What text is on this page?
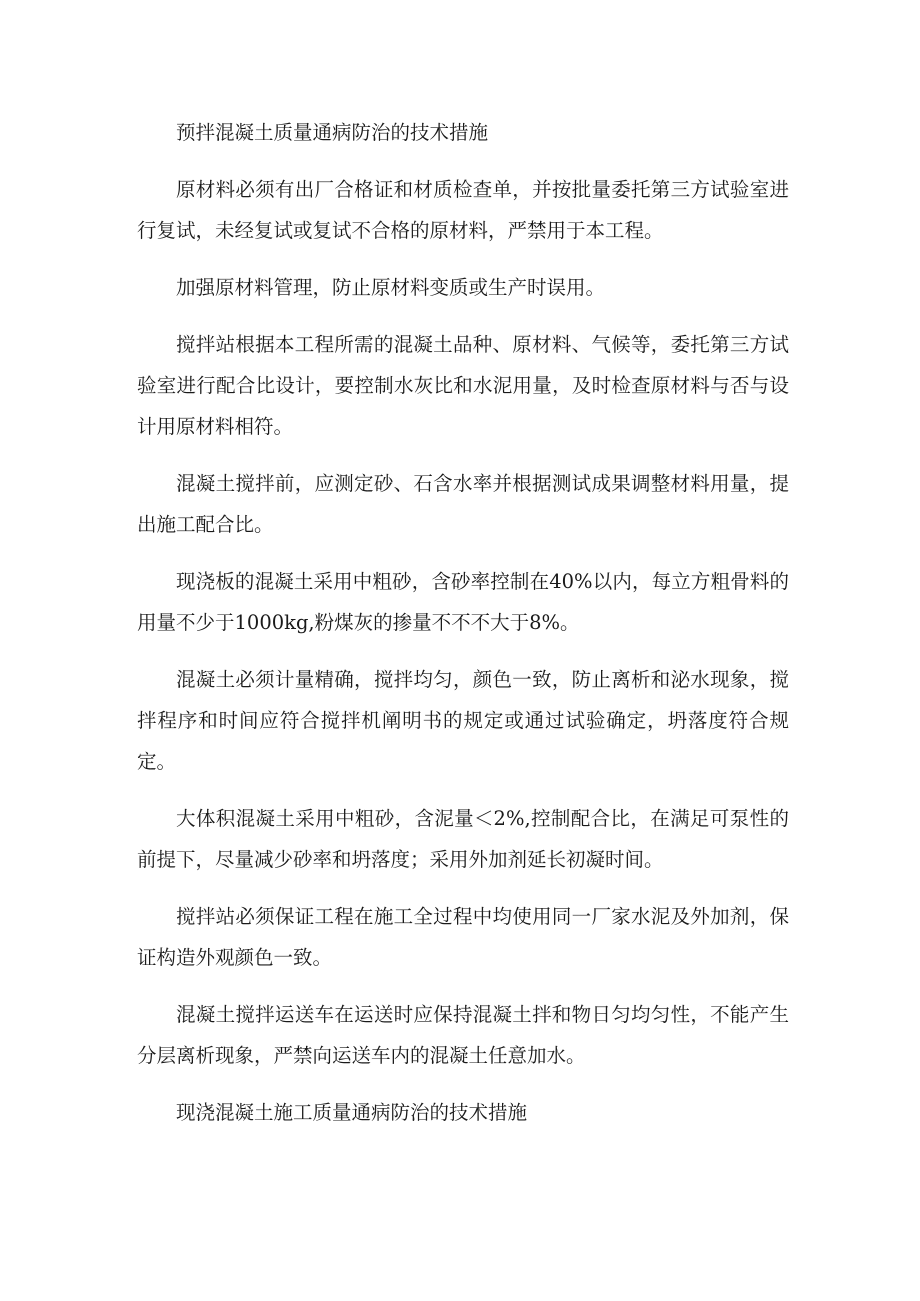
预拌混凝土质量通病防治的技术措施

原材料必须有出厂合格证和材质检查单，并按批量委托第三方试验室进行复试，未经复试或复试不合格的原材料，严禁用于本工程。

加强原材料管理，防止原材料变质或生产时误用。

搅拌站根据本工程所需的混凝土品种、原材料、气候等，委托第三方试验室进行配合比设计，要控制水灰比和水泥用量，及时检查原材料与否与设计用原材料相符。

混凝土搅拌前，应测定砂、石含水率并根据测试成果调整材料用量，提出施工配合比。

现浇板的混凝土采用中粗砂，含砂率控制在40%以内，每立方粗骨料的用量不少于1000kg,粉煤灰的掺量不不不大于8%。

混凝土必须计量精确，搅拌均匀，颜色一致，防止离析和泌水现象，搅拌程序和时间应符合搅拌机阐明书的规定或通过试验确定，坍落度符合规定。

大体积混凝土采用中粗砂，含泥量＜2%,控制配合比，在满足可泵性的前提下，尽量减少砂率和坍落度；采用外加剂延长初凝时间。

搅拌站必须保证工程在施工全过程中均使用同一厂家水泥及外加剂，保证构造外观颜色一致。

混凝土搅拌运送车在运送时应保持混凝土拌和物日匀均匀性，不能产生分层离析现象，严禁向运送车内的混凝土任意加水。

现浇混凝土施工质量通病防治的技术措施
